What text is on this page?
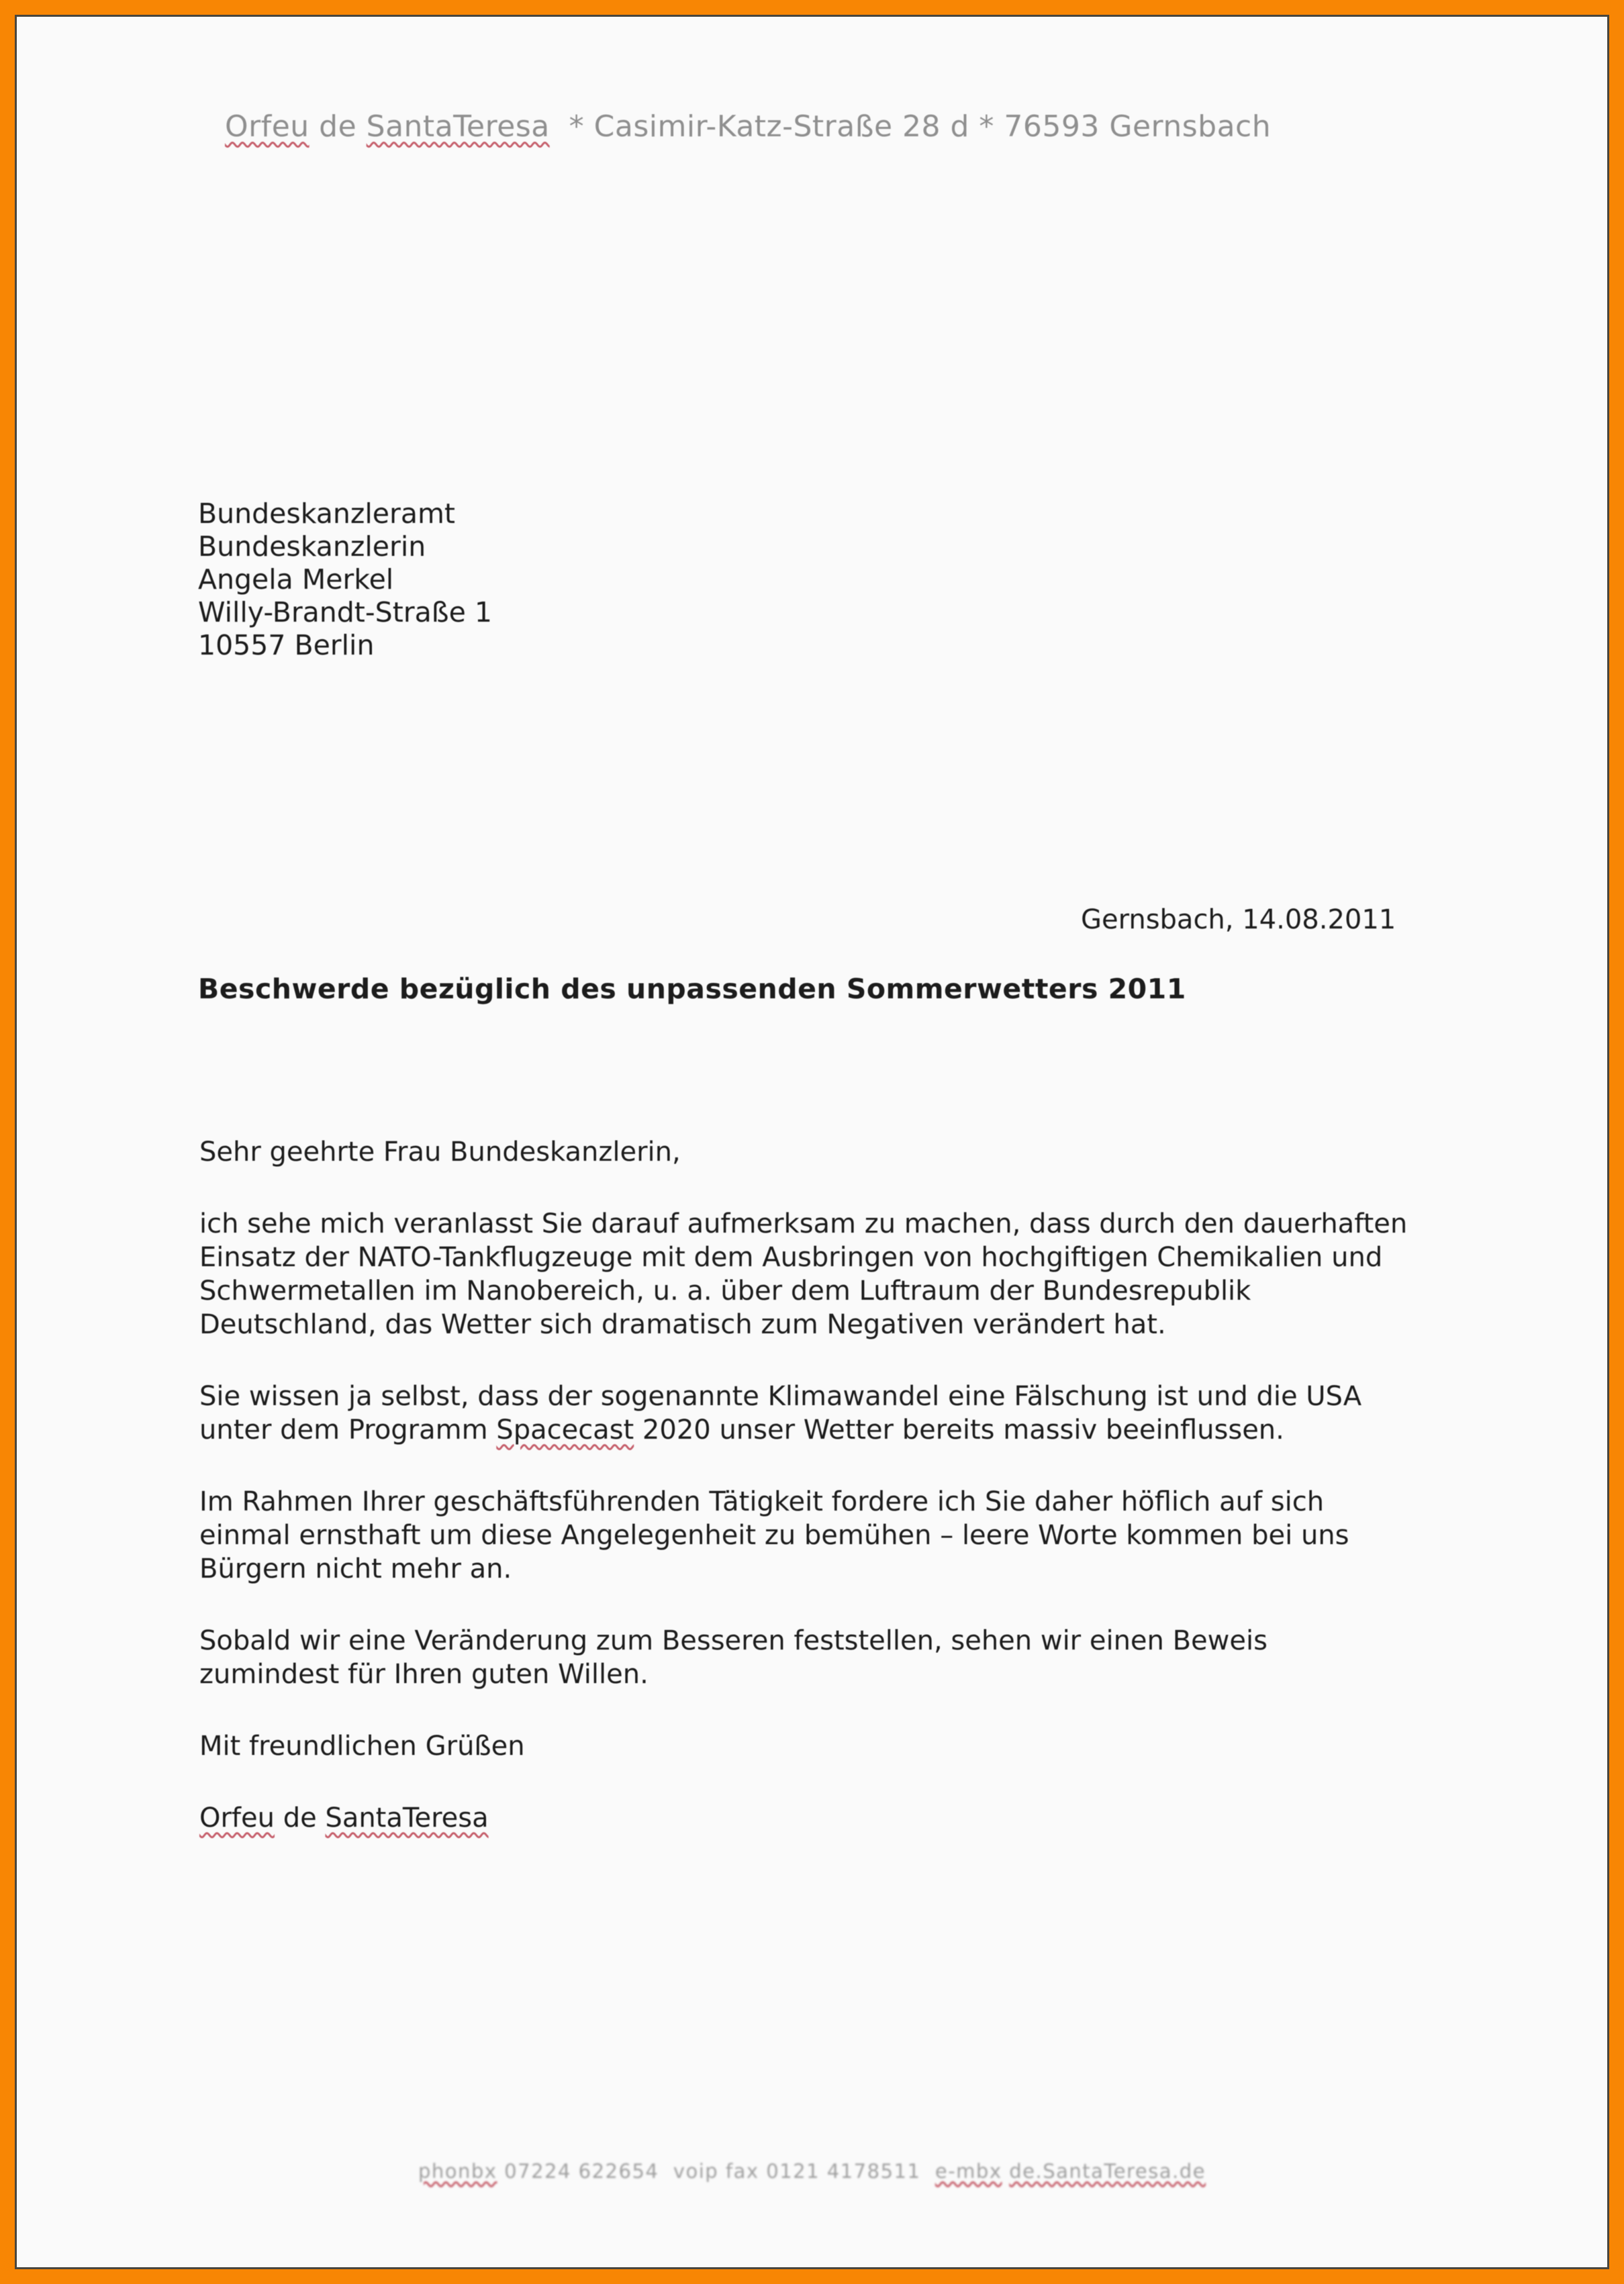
Orfeu de SantaTeresa  * Casimir-Katz-Straße 28 d * 76593 Gernsbach
Bundeskanzleramt
Bundeskanzlerin
Angela Merkel
Willy-Brandt-Straße 1
10557 Berlin
Gernsbach, 14.08.2011
Beschwerde bezüglich des unpassenden Sommerwetters 2011

Sehr geehrte Frau Bundeskanzlerin,

ich sehe mich veranlasst Sie darauf aufmerksam zu machen, dass durch den dauerhaften
Einsatz der NATO-Tankflugzeuge mit dem Ausbringen von hochgiftigen Chemikalien und
Schwermetallen im Nanobereich, u. a. über dem Luftraum der Bundesrepublik
Deutschland, das Wetter sich dramatisch zum Negativen verändert hat.

Sie wissen ja selbst, dass der sogenannte Klimawandel eine Fälschung ist und die USA
unter dem Programm Spacecast 2020 unser Wetter bereits massiv beeinflussen.

Im Rahmen Ihrer geschäftsführenden Tätigkeit fordere ich Sie daher höflich auf sich
einmal ernsthaft um diese Angelegenheit zu bemühen – leere Worte kommen bei uns
Bürgern nicht mehr an.

Sobald wir eine Veränderung zum Besseren feststellen, sehen wir einen Beweis
zumindest für Ihren guten Willen.

Mit freundlichen Grüßen

Orfeu de SantaTeresa

phonbx 07224 622654  voip fax 0121 4178511  e-mbx de.SantaTeresa.de
